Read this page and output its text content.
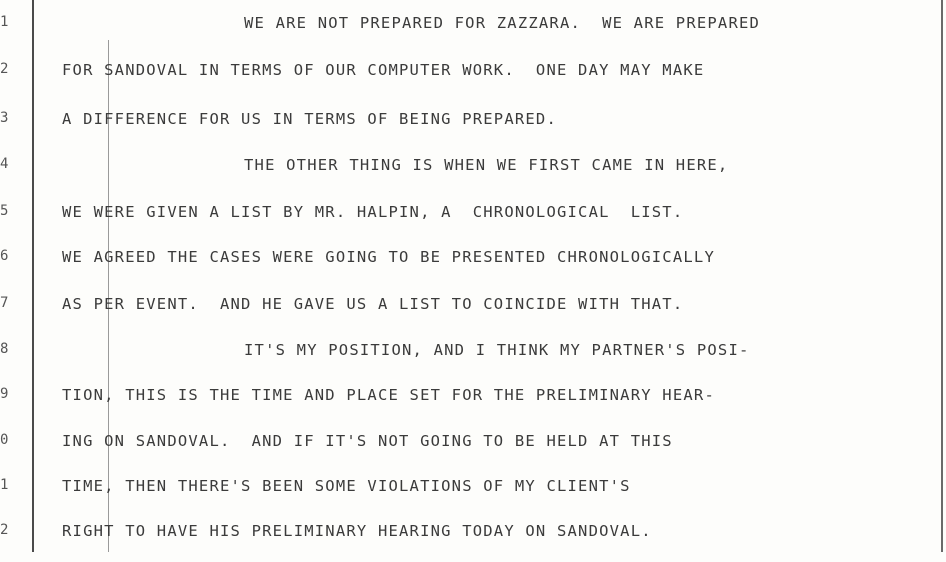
1	WE ARE NOT PREPARED FOR ZAZZARA.  WE ARE PREPARED
2	FOR SANDOVAL IN TERMS OF OUR COMPUTER WORK.  ONE DAY MAY MAKE
3	A DIFFERENCE FOR US IN TERMS OF BEING PREPARED.
4	THE OTHER THING IS WHEN WE FIRST CAME IN HERE,
5	WE WERE GIVEN A LIST BY MR. HALPIN, A  CHRONOLOGICAL  LIST.
6	WE AGREED THE CASES WERE GOING TO BE PRESENTED CHRONOLOGICALLY
7	AS PER EVENT.  AND HE GAVE US A LIST TO COINCIDE WITH THAT.
8	IT'S MY POSITION, AND I THINK MY PARTNER'S POSI-
9	TION, THIS IS THE TIME AND PLACE SET FOR THE PRELIMINARY HEAR-
0	ING ON SANDOVAL.  AND IF IT'S NOT GOING TO BE HELD AT THIS
1	TIME, THEN THERE'S BEEN SOME VIOLATIONS OF MY CLIENT'S
2	RIGHT TO HAVE HIS PRELIMINARY HEARING TODAY ON SANDOVAL.
